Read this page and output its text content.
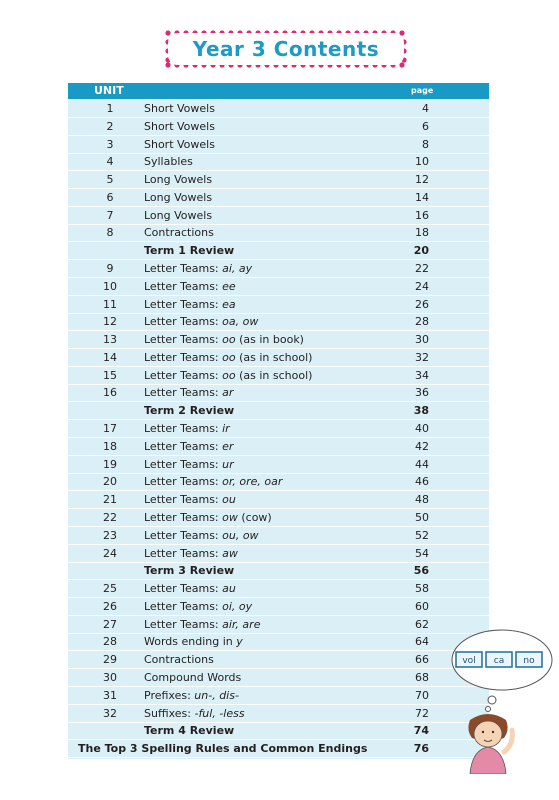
Year 3 Contents
UNIT	page
1	Short Vowels	4
2	Short Vowels	6
3	Short Vowels	8
4	Syllables	10
5	Long Vowels	12
6	Long Vowels	14
7	Long Vowels	16
8	Contractions	18
Term 1 Review	20
9	Letter Teams: ai, ay	22
10	Letter Teams: ee	24
11	Letter Teams: ea	26
12	Letter Teams: oa, ow	28
13	Letter Teams: oo (as in book)	30
14	Letter Teams: oo (as in school)	32
15	Letter Teams: oo (as in school)	34
16	Letter Teams: ar	36
Term 2 Review	38
17	Letter Teams: ir	40
18	Letter Teams: er	42
19	Letter Teams: ur	44
20	Letter Teams: or, ore, oar	46
21	Letter Teams: ou	48
22	Letter Teams: ow (cow)	50
23	Letter Teams: ou, ow	52
24	Letter Teams: aw	54
Term 3 Review	56
25	Letter Teams: au	58
26	Letter Teams: oi, oy	60
27	Letter Teams: air, are	62
28	Words ending in y	64
29	Contractions	66
30	Compound Words	68
31	Prefixes: un-, dis-	70
32	Suffixes: -ful, -less	72
Term 4 Review	74
The Top 3 Spelling Rules and Common Endings	76
vol ca no
